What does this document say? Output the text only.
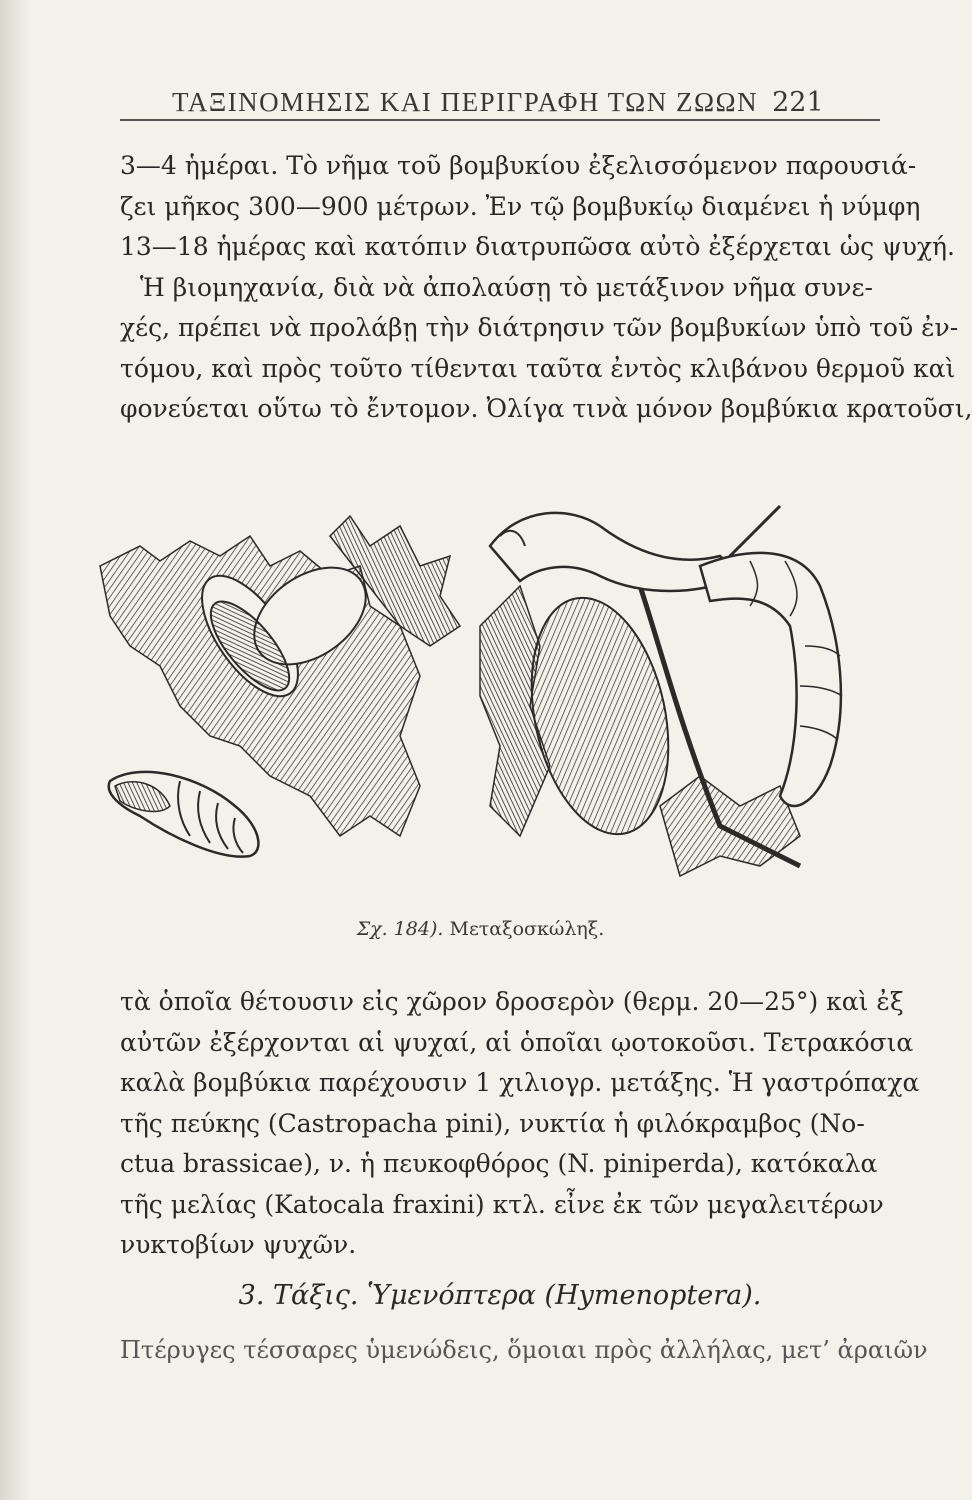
ΤΑΞΙΝΟΜΗΣΙΣ ΚΑΙ ΠΕΡΙΓΡΑΦΗ ΤΩΝ ΖΩΩΝ 221
3—4 ἡμέραι. Τὸ νῆμα τοῦ βομβυκίου ἐξελισσόμενον παρουσιά-
ζει μῆκος 300—900 μέτρων. Ἐν τῷ βομβυκίῳ διαμένει ἡ νύμφη
13—18 ἡμέρας καὶ κατόπιν διατρυπῶσα αὐτὸ ἐξέρχεται ὡς ψυχή.
Ἡ βιομηχανία, διὰ νὰ ἀπολαύσῃ τὸ μετάξινον νῆμα συνε-
χές, πρέπει νὰ προλάβῃ τὴν διάτρησιν τῶν βομβυκίων ὑπὸ τοῦ ἐν-
τόμου, καὶ πρὸς τοῦτο τίθενται ταῦτα ἐντὸς κλιβάνου θερμοῦ καὶ
φονεύεται οὕτω τὸ ἔντομον. Ὀλίγα τινὰ μόνον βομβύκια κρατοῦσι,
Σχ. 184). Μεταξοσκώληξ.
τὰ ὁποῖα θέτουσιν εἰς χῶρον δροσερὸν (θερμ. 20—25°) καὶ ἐξ
αὐτῶν ἐξέρχονται αἱ ψυχαί, αἱ ὁποῖαι ῳοτοκοῦσι. Τετρακόσια
καλὰ βομβύκια παρέχουσιν 1 χιλιογρ. μετάξης. Ἡ γαστρόπαχα
τῆς πεύκης (Castropacha pini), νυκτία ἡ φιλόκραμβος (No-
ctua brassicae), ν. ἡ πευκοφθόρος (N. piniperda), κατόκαλα
τῆς μελίας (Katocala fraxini) κτλ. εἶνε ἐκ τῶν μεγαλειτέρων
νυκτοβίων ψυχῶν.
3. Τάξις. Ὑμενόπτερα (Hymenoptera).
Πτέρυγες τέσσαρες ὑμενώδεις, ὅμοιαι πρὸς ἀλλήλας, μετ’ ἀραιῶν
